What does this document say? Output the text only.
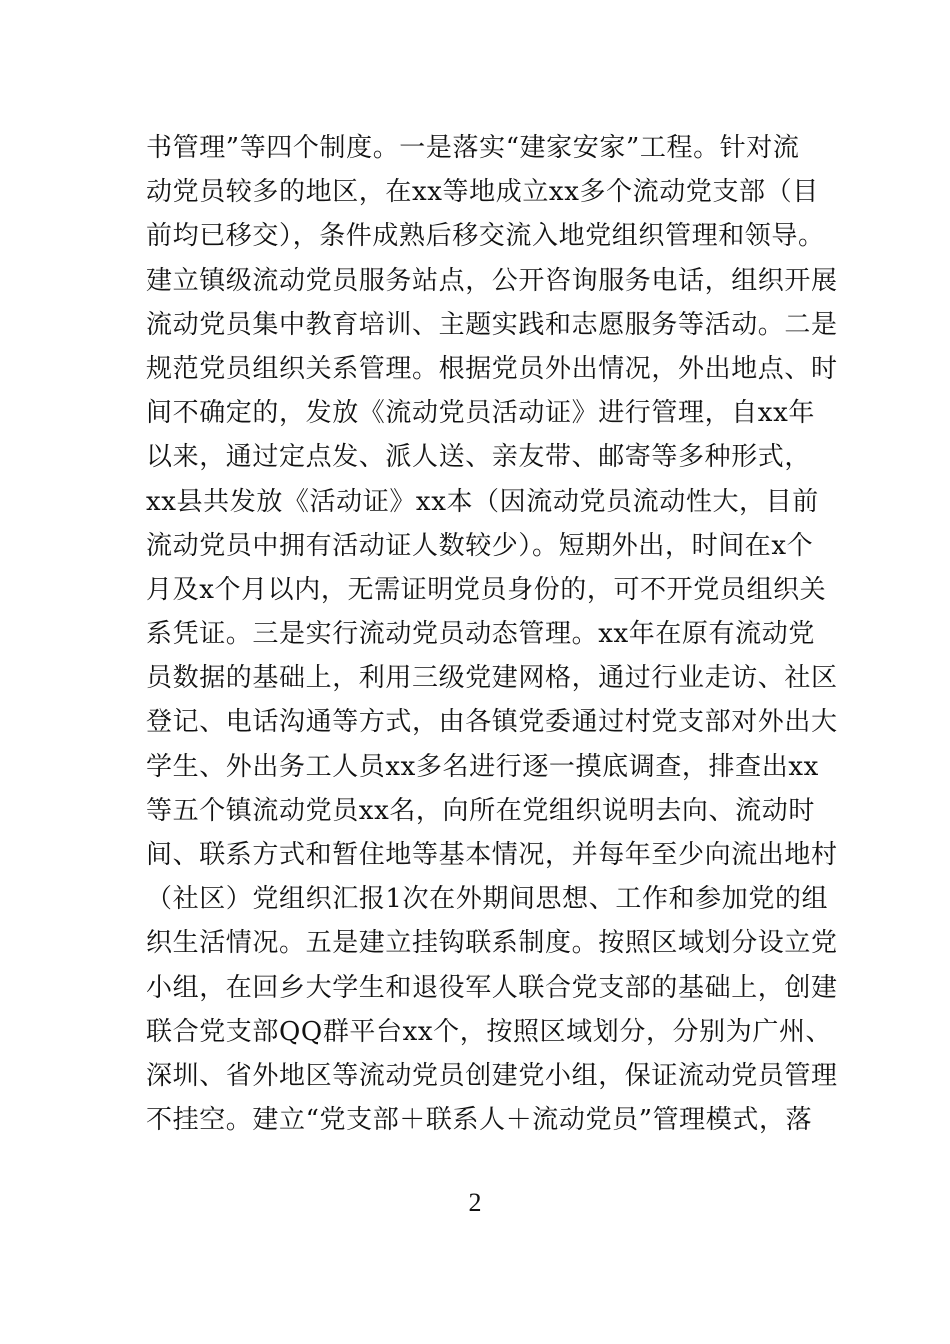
书管理”等四个制度。一是落实“建家安家”工程。针对流
动党员较多的地区，在xx等地成立xx多个流动党支部（目
前均已移交），条件成熟后移交流入地党组织管理和领导。
建立镇级流动党员服务站点，公开咨询服务电话，组织开展
流动党员集中教育培训、主题实践和志愿服务等活动。二是
规范党员组织关系管理。根据党员外出情况，外出地点、时
间不确定的，发放《流动党员活动证》进行管理，自xx年
以来，通过定点发、派人送、亲友带、邮寄等多种形式，
xx县共发放《活动证》xx本（因流动党员流动性大，目前
流动党员中拥有活动证人数较少）。短期外出，时间在x个
月及x个月以内，无需证明党员身份的，可不开党员组织关
系凭证。三是实行流动党员动态管理。xx年在原有流动党
员数据的基础上，利用三级党建网格，通过行业走访、社区
登记、电话沟通等方式，由各镇党委通过村党支部对外出大
学生、外出务工人员xx多名进行逐一摸底调查，排查出xx
等五个镇流动党员xx名，向所在党组织说明去向、流动时
间、联系方式和暂住地等基本情况，并每年至少向流出地村
（社区）党组织汇报1次在外期间思想、工作和参加党的组
织生活情况。五是建立挂钩联系制度。按照区域划分设立党
小组，在回乡大学生和退役军人联合党支部的基础上，创建
联合党支部QQ群平台xx个，按照区域划分，分别为广州、
深圳、省外地区等流动党员创建党小组，保证流动党员管理
不挂空。建立“党支部＋联系人＋流动党员”管理模式，落
2
